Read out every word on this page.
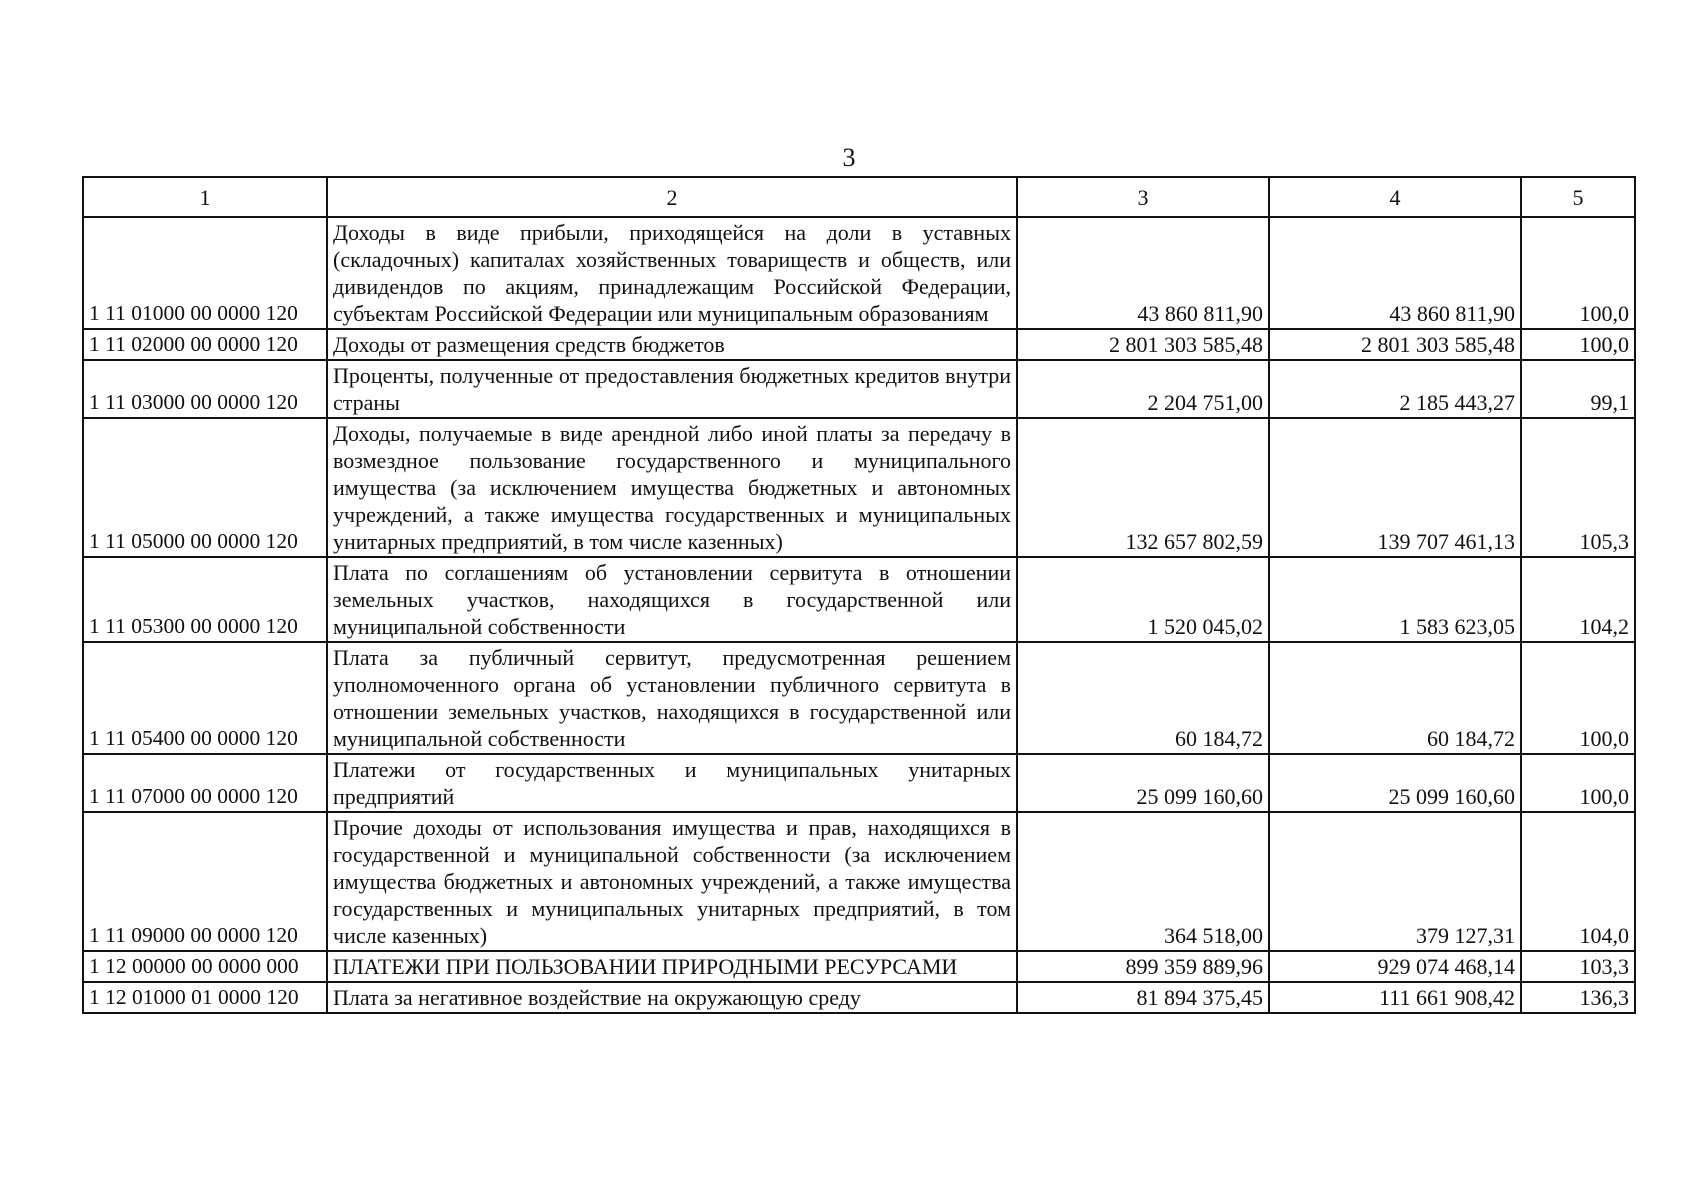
3
1	2	3	4	5
1 11 01000 00 0000 120	Доходы в виде прибыли, приходящейся на доли в уставных (складочных) капиталах хозяйственных товариществ и обществ, или дивидендов по акциям, принадлежащим Российской Федерации, субъектам Российской Федерации или муниципальным образованиям	43 860 811,90	43 860 811,90	100,0
1 11 02000 00 0000 120	Доходы от размещения средств бюджетов	2 801 303 585,48	2 801 303 585,48	100,0
1 11 03000 00 0000 120	Проценты, полученные от предоставления бюджетных кредитов внутри страны	2 204 751,00	2 185 443,27	99,1
1 11 05000 00 0000 120	Доходы, получаемые в виде арендной либо иной платы за передачу в возмездное пользование государственного и муниципального имущества (за исключением имущества бюджетных и автономных учреждений, а также имущества государственных и муниципальных унитарных предприятий, в том числе казенных)	132 657 802,59	139 707 461,13	105,3
1 11 05300 00 0000 120	Плата по соглашениям об установлении сервитута в отношении земельных участков, находящихся в государственной или муниципальной собственности	1 520 045,02	1 583 623,05	104,2
1 11 05400 00 0000 120	Плата за публичный сервитут, предусмотренная решением уполномоченного органа об установлении публичного сервитута в отношении земельных участков, находящихся в государственной или муниципальной собственности	60 184,72	60 184,72	100,0
1 11 07000 00 0000 120	Платежи от государственных и муниципальных унитарных предприятий	25 099 160,60	25 099 160,60	100,0
1 11 09000 00 0000 120	Прочие доходы от использования имущества и прав, находящихся в государственной и муниципальной собственности (за исключением имущества бюджетных и автономных учреждений, а также имущества государственных и муниципальных унитарных предприятий, в том числе казенных)	364 518,00	379 127,31	104,0
1 12 00000 00 0000 000	ПЛАТЕЖИ ПРИ ПОЛЬЗОВАНИИ ПРИРОДНЫМИ РЕСУРСАМИ	899 359 889,96	929 074 468,14	103,3
1 12 01000 01 0000 120	Плата за негативное воздействие на окружающую среду	81 894 375,45	111 661 908,42	136,3
